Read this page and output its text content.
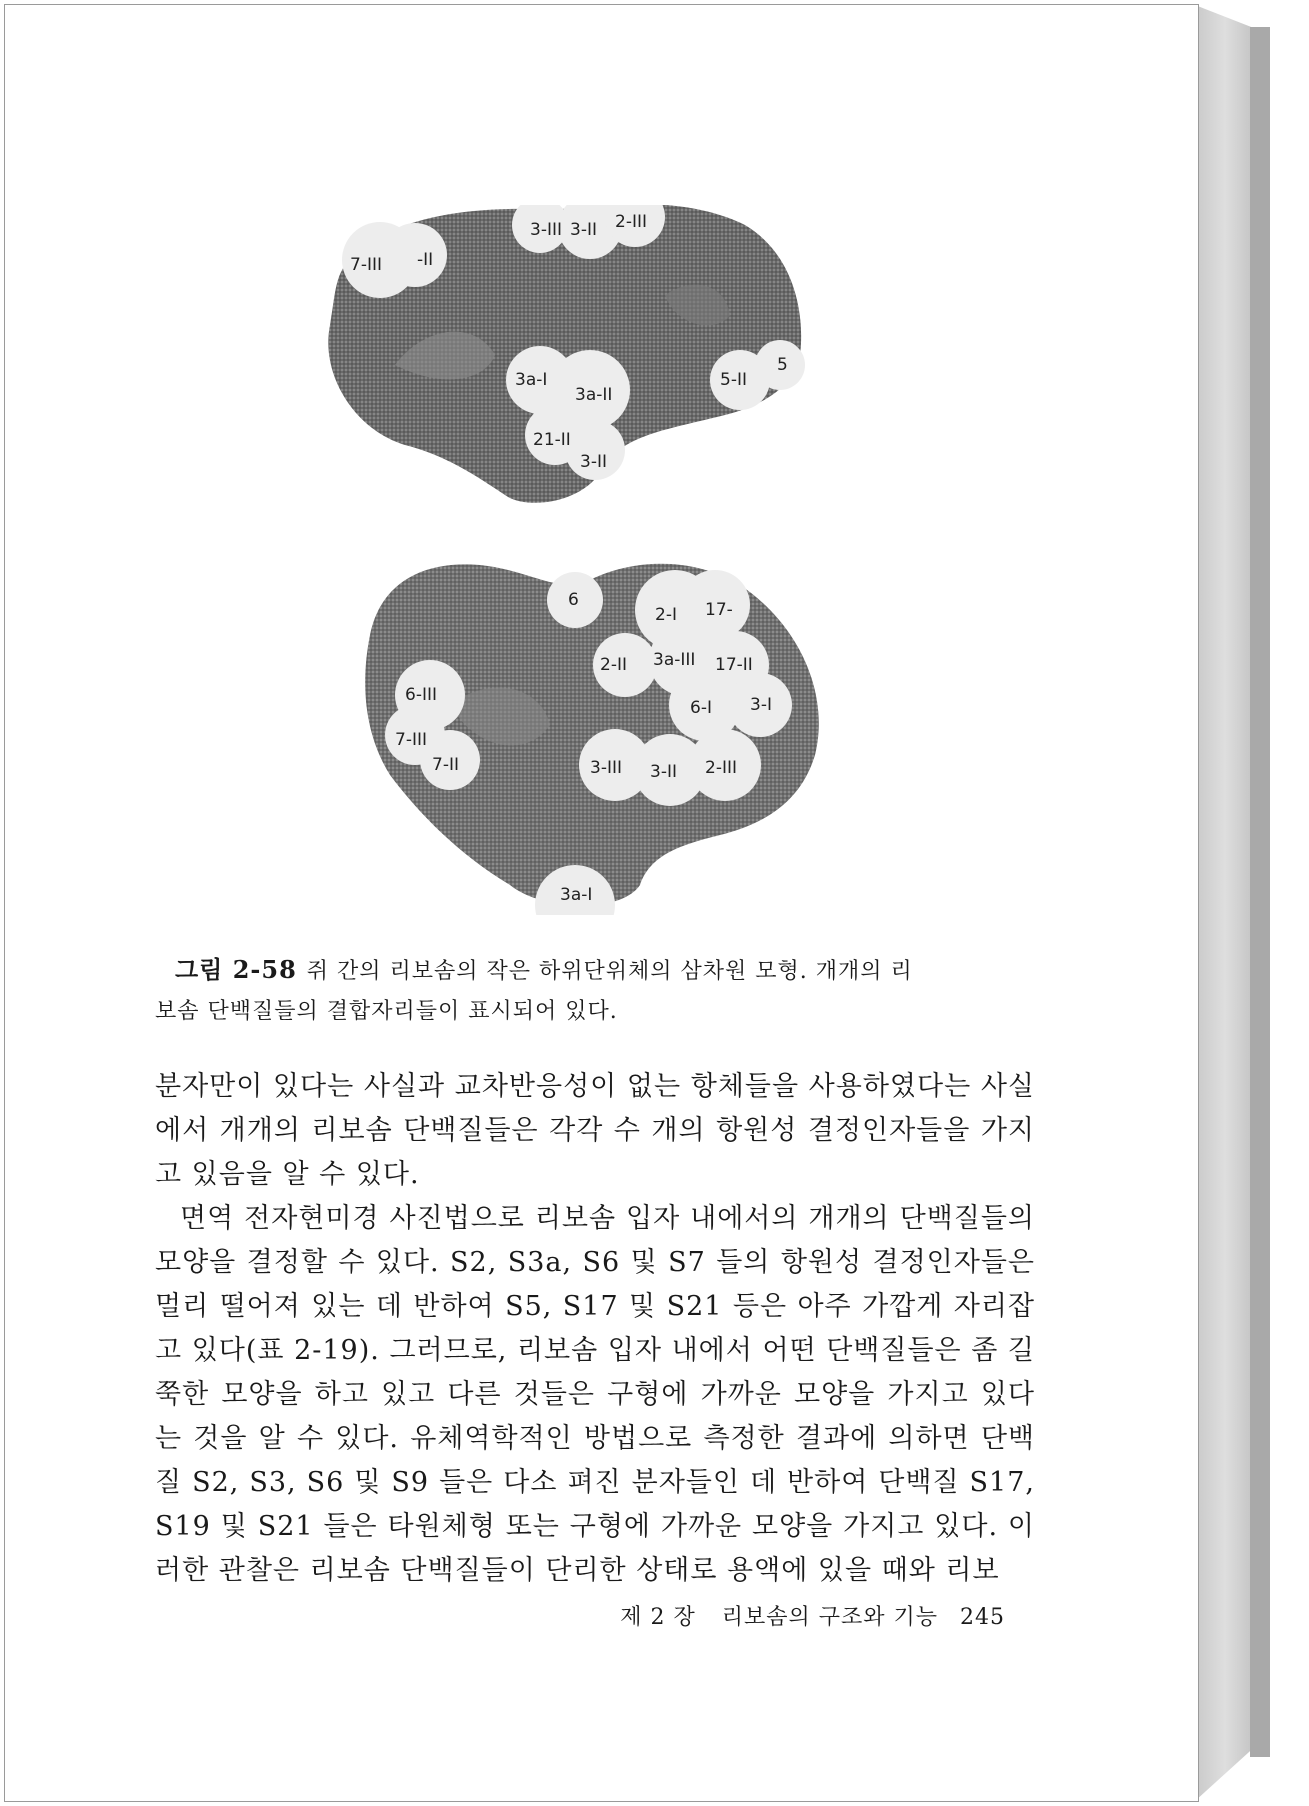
7-III -II
3-III 3-II 2-III
3a-I
3a-II
21-II
3-II
5-II
5
6
2-I 17-
2-II 3a-III 17-II
6-III	3-I
6-I
7-III
7-II	3-III 3-II 2-III
3a-I
그림 2-58 쥐 간의 리보솜의 작은 하위단위체의 삼차원 모형. 개개의 리
보솜 단백질들의 결합자리들이 표시되어 있다.

분자만이 있다는 사실과 교차반응성이 없는 항체들을 사용하였다는 사실에서 개개의 리보솜 단백질들은 각각 수 개의 항원성 결정인자들을 가지고 있음을 알 수 있다.

면역 전자현미경 사진법으로 리보솜 입자 내에서의 개개의 단백질들의 모양을 결정할 수 있다. S2, S3a, S6 및 S7 들의 항원성 결정인자들은 멀리 떨어져 있는 데 반하여 S5, S17 및 S21 등은 아주 가깝게 자리잡고 있다(표 2-19). 그러므로, 리보솜 입자 내에서 어떤 단백질들은 좀 길쭉한 모양을 하고 있고 다른 것들은 구형에 가까운 모양을 가지고 있다는 것을 알 수 있다. 유체역학적인 방법으로 측정한 결과에 의하면 단백질 S2, S3, S6 및 S9 들은 다소 펴진 분자들인 데 반하여 단백질 S17, S19 및 S21 들은 타원체형 또는 구형에 가까운 모양을 가지고 있다. 이러한 관찰은 리보솜 단백질들이 단리한 상태로 용액에 있을 때와 리보

제 2 장 리보솜의 구조와 기능 245
